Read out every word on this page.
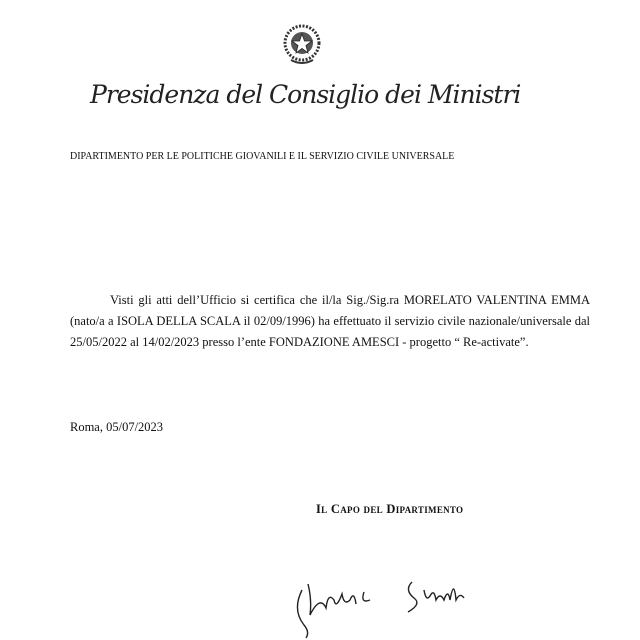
Presidenza del Consiglio dei Ministri
DIPARTIMENTO PER LE POLITICHE GIOVANILI E IL SERVIZIO CIVILE UNIVERSALE
Visti gli atti dell’Ufficio si certifica che il/la Sig./Sig.ra MORELATO VALENTINA EMMA (nato/a a ISOLA DELLA SCALA il 02/09/1996) ha effettuato il servizio civile nazionale/universale dal 25/05/2022 al 14/02/2023 presso l’ente FONDAZIONE AMESCI - progetto “ Re-activate”.
Roma, 05/07/2023
Il Capo del Dipartimento
